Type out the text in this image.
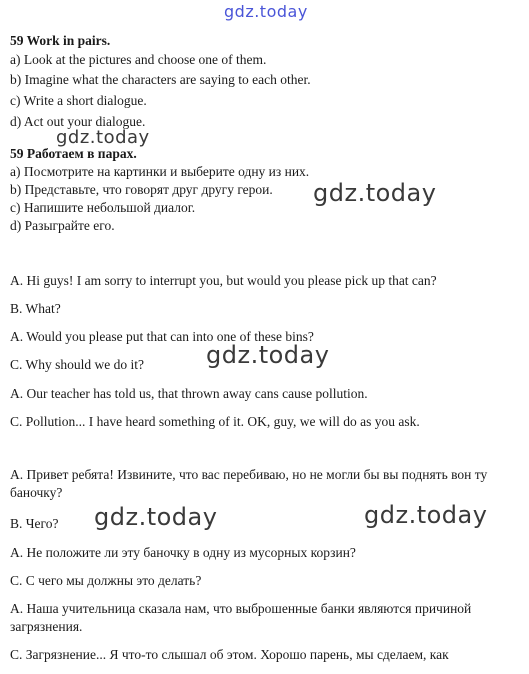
gdz.today
gdz.today
gdz.today
gdz.today
gdz.today	gdz.today
59 Work in pairs.
a) Look at the pictures and choose one of them.
b) Imagine what the characters are saying to each other.
c) Write a short dialogue.
d) Act out your dialogue.
59 Работаем в парах.
а) Посмотрите на картинки и выберите одну из них.
b) Представьте, что говорят друг другу герои.
с) Напишите небольшой диалог.
d) Разыграйте его.
A. Hi guys! I am sorry to interrupt you, but would you please pick up that can?
B. What?
A. Would you please put that can into one of these bins?
C. Why should we do it?
A. Our teacher has told us, that thrown away cans cause pollution.
C. Pollution... I have heard something of it. OK, guy, we will do as you ask.
А. Привет ребята! Извините, что вас перебиваю, но не могли бы вы поднять вон ту баночку?
В. Чего?
А. Не положите ли эту баночку в одну из мусорных корзин?
С. С чего мы должны это делать?
А. Наша учительница сказала нам, что выброшенные банки являются причиной загрязнения.
С. Загрязнение... Я что-то слышал об этом. Хорошо парень, мы сделаем, как
